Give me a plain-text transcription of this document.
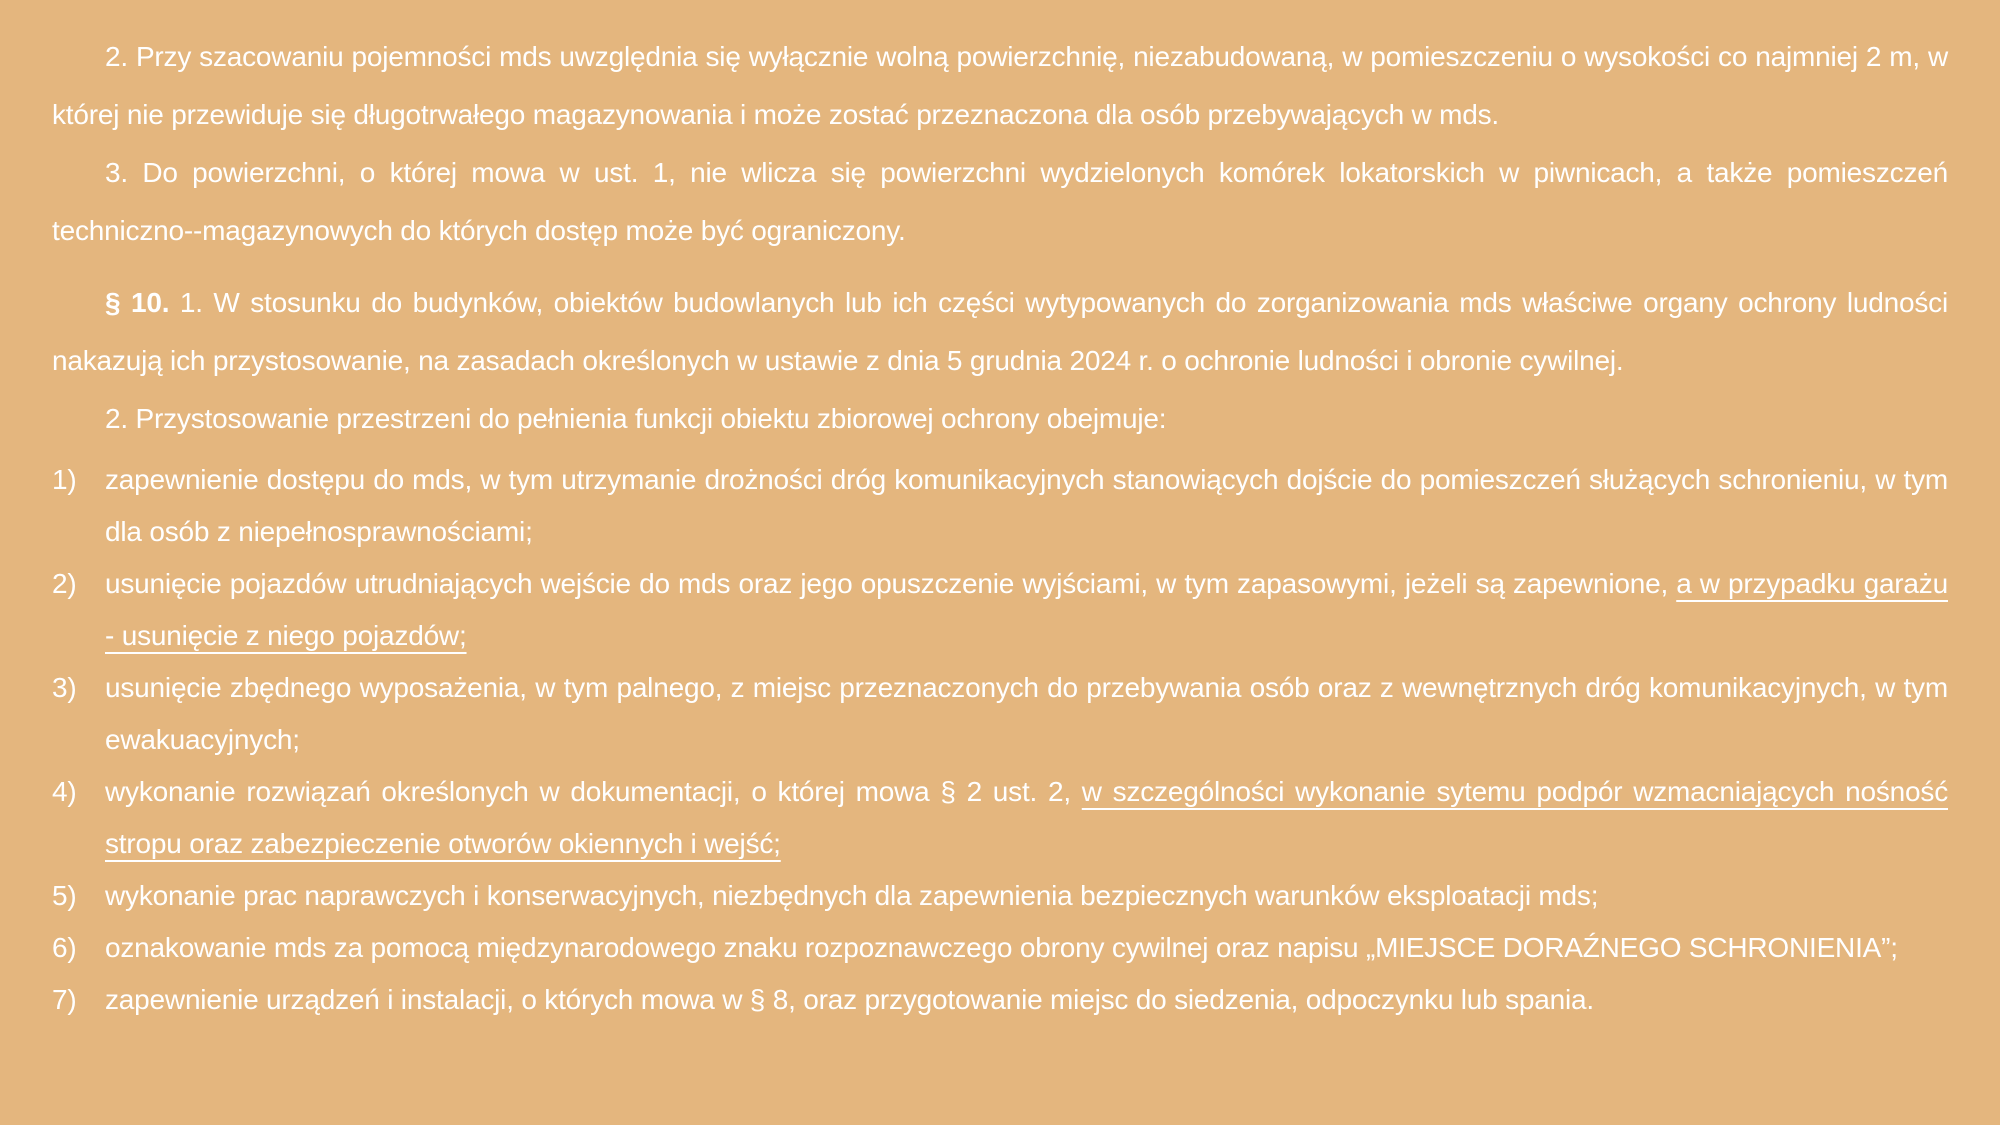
2. Przy szacowaniu pojemności mds uwzględnia się wyłącznie wolną powierzchnię, niezabudowaną, w pomieszczeniu o wysokości co najmniej 2 m, w której nie przewiduje się długotrwałego magazynowania i może zostać przeznaczona dla osób przebywających w mds.

3. Do powierzchni, o której mowa w ust. 1, nie wlicza się powierzchni wydzielonych komórek lokatorskich w piwnicach, a także pomieszczeń techniczno--magazynowych do których dostęp może być ograniczony.

§ 10. 1. W stosunku do budynków, obiektów budowlanych lub ich części wytypowanych do zorganizowania mds właściwe organy ochrony ludności nakazują ich przystosowanie, na zasadach określonych w ustawie z dnia 5 grudnia 2024 r. o ochronie ludności i obronie cywilnej.

2. Przystosowanie przestrzeni do pełnienia funkcji obiektu zbiorowej ochrony obejmuje:

1) zapewnienie dostępu do mds, w tym utrzymanie drożności dróg komunikacyjnych stanowiących dojście do pomieszczeń służących schronieniu, w tym dla osób z niepełnosprawnościami;
2) usunięcie pojazdów utrudniających wejście do mds oraz jego opuszczenie wyjściami, w tym zapasowymi, jeżeli są zapewnione, a w przypadku garażu - usunięcie z niego pojazdów;
3) usunięcie zbędnego wyposażenia, w tym palnego, z miejsc przeznaczonych do przebywania osób oraz z wewnętrznych dróg komunikacyjnych, w tym ewakuacyjnych;
4) wykonanie rozwiązań określonych w dokumentacji, o której mowa § 2 ust. 2, w szczególności wykonanie sytemu podpór wzmacniających nośność stropu oraz zabezpieczenie otworów okiennych i wejść;
5) wykonanie prac naprawczych i konserwacyjnych, niezbędnych dla zapewnienia bezpiecznych warunków eksploatacji mds;
6) oznakowanie mds za pomocą międzynarodowego znaku rozpoznawczego obrony cywilnej oraz napisu „MIEJSCE DORAŹNEGO SCHRONIENIA”;
7) zapewnienie urządzeń i instalacji, o których mowa w § 8, oraz przygotowanie miejsc do siedzenia, odpoczynku lub spania.
